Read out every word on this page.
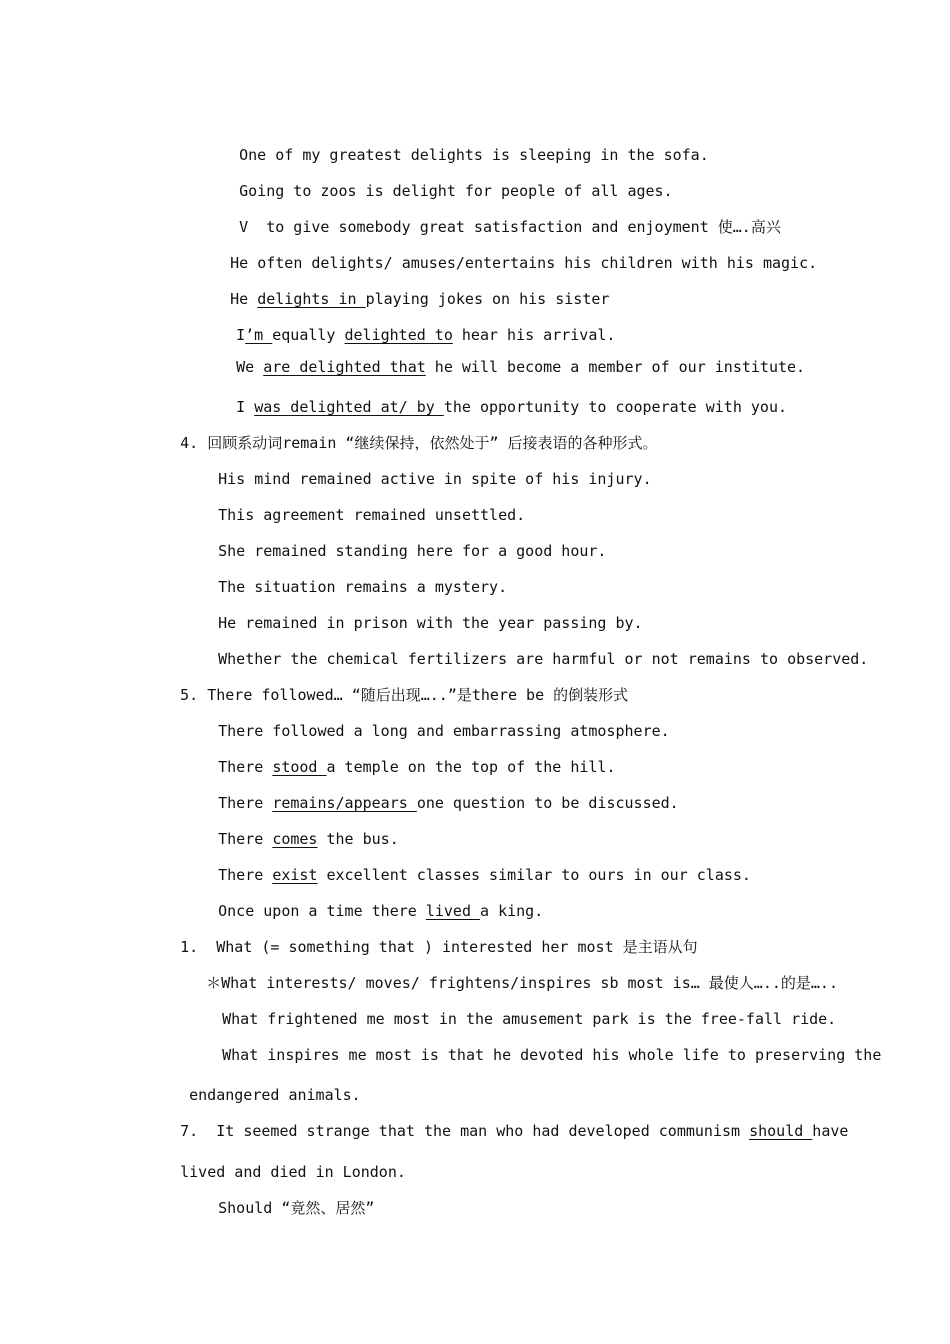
One of my greatest delights is sleeping in the sofa.

Going to zoos is delight for people of all ages.

V  to give somebody great satisfaction and enjoyment 使….高兴

He often delights/ amuses/entertains his children with his magic.

He delights in playing jokes on his sister

I’m equally delighted to hear his arrival.

We are delighted that he will become a member of our institute.

I was delighted at/ by the opportunity to cooperate with you.

4. 回顾系动词remain “继续保持，依然处于” 后接表语的各种形式。

His mind remained active in spite of his injury.

This agreement remained unsettled.

She remained standing here for a good hour.

The situation remains a mystery.

He remained in prison with the year passing by.

Whether the chemical fertilizers are harmful or not remains to observed.

5. There followed… “随后出现…..”是there be 的倒装形式

There followed a long and embarrassing atmosphere.

There stood a temple on the top of the hill.

There remains/appears one question to be discussed.

There comes the bus.

There exist excellent classes similar to ours in our class.

Once upon a time there lived a king.

1.  What (= something that ) interested her most 是主语从句

＊What interests/ moves/ frightens/inspires sb most is… 最使人…..的是…..

What frightened me most in the amusement park is the free-fall ride.

What inspires me most is that he devoted his whole life to preserving the

endangered animals.

7.  It seemed strange that the man who had developed communism should have

lived and died in London.

Should “竟然、居然”
